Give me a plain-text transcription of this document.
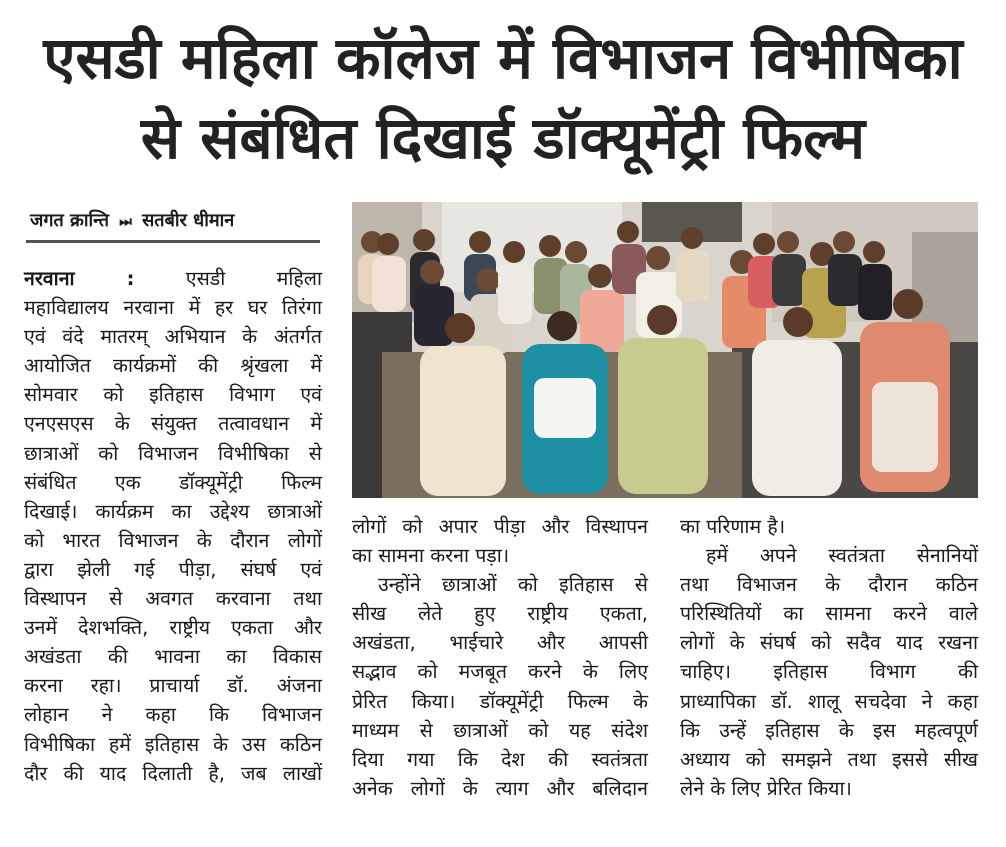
एसडी महिला कॉलेज में विभाजन विभीषिका
से संबंधित दिखाई डॉक्यूमेंट्री फिल्म
जगत क्रान्ति ⏭ सतबीर धीमान
नरवाना :	एसडी महिला
महाविद्यालय नरवाना में हर घर तिरंगा
एवं वंदे मातरम् अभियान के अंतर्गत
आयोजित कार्यक्रमों की श्रृंखला में
सोमवार को इतिहास विभाग एवं
एनएसएस के संयुक्त तत्वावधान में
छात्राओं को विभाजन विभीषिका से
संबंधित एक डॉक्यूमेंट्री फिल्म
दिखाई। कार्यक्रम का उद्देश्य छात्राओं
को भारत विभाजन के दौरान लोगों
द्वारा झेली गई पीड़ा, संघर्ष एवं
विस्थापन से अवगत करवाना तथा
उनमें देशभक्ति, राष्ट्रीय एकता और
अखंडता की भावना का विकास
करना रहा। प्राचार्या डॉ. अंजना
लोहान ने कहा कि विभाजन
विभीषिका हमें इतिहास के उस कठिन
दौर की याद दिलाती है, जब लाखों
लोगों को अपार पीड़ा और विस्थापन
का सामना करना पड़ा।
उन्होंने छात्राओं को इतिहास से
सीख लेते हुए राष्ट्रीय एकता,
अखंडता, भाईचारे और आपसी
सद्भाव को मजबूत करने के लिए
प्रेरित किया। डॉक्यूमेंट्री फिल्म के
माध्यम से छात्राओं को यह संदेश
दिया गया कि देश की स्वतंत्रता
अनेक लोगों के त्याग और बलिदान
का परिणाम है।
हमें अपने स्वतंत्रता सेनानियों
तथा विभाजन के दौरान कठिन
परिस्थितियों का सामना करने वाले
लोगों के संघर्ष को सदैव याद रखना
चाहिए। इतिहास विभाग की
प्राध्यापिका डॉ. शालू सचदेवा ने कहा
कि उन्हें इतिहास के इस महत्वपूर्ण
अध्याय को समझने तथा इससे सीख
लेने के लिए प्रेरित किया।
